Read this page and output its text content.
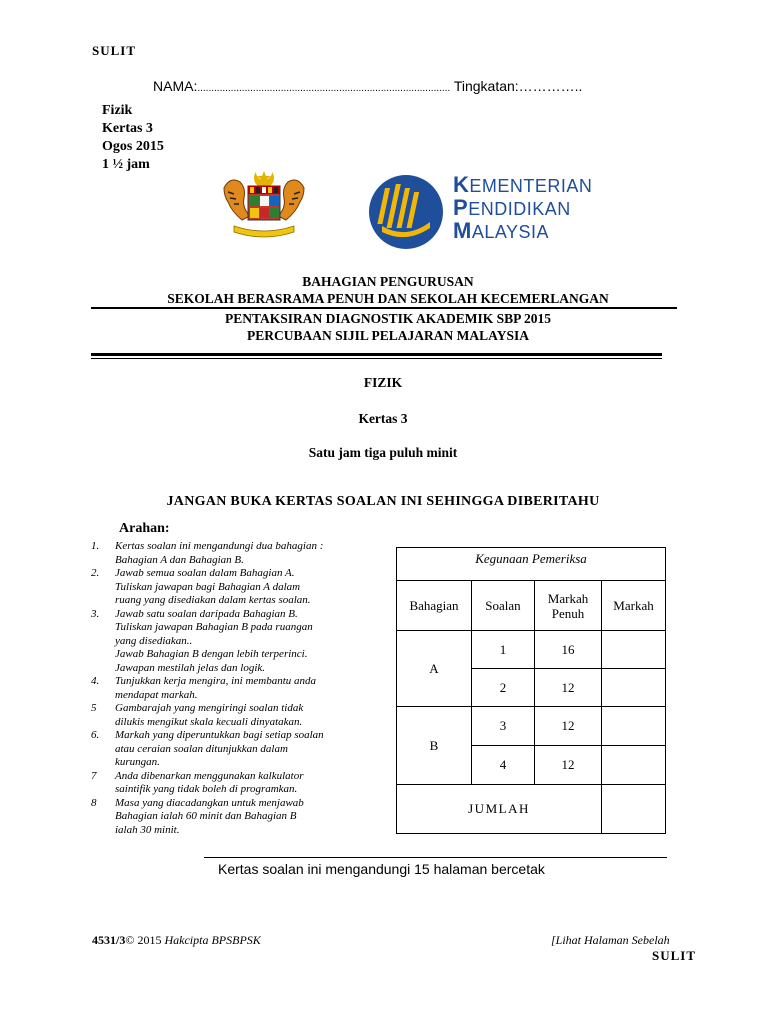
SULIT
NAMA:........................................................................................... Tingkatan:…………..
Fizik
Kertas 3
Ogos 2015
1 ½ jam
KEMENTERIAN
PENDIDIKAN
MALAYSIA
BAHAGIAN PENGURUSAN
SEKOLAH BERASRAMA PENUH DAN SEKOLAH KECEMERLANGAN
PENTAKSIRAN DIAGNOSTIK AKADEMIK SBP 2015
PERCUBAAN SIJIL PELAJARAN MALAYSIA
FIZIK
Kertas 3
Satu jam tiga puluh minit
JANGAN BUKA KERTAS SOALAN INI SEHINGGA DIBERITAHU
Arahan:
1.	Kertas soalan ini mengandungi dua bahagian :
Bahagian A dan Bahagian B.
2.	Jawab semua soalan dalam Bahagian A.
Tuliskan jawapan bagi Bahagian A dalam
ruang yang disediakan dalam kertas soalan.
3.	Jawab satu soalan daripada Bahagian B.
Tuliskan jawapan Bahagian B pada ruangan
yang disediakan..
Jawab Bahagian B dengan lebih terperinci.
Jawapan mestilah jelas dan logik.
4.	Tunjukkan kerja mengira, ini membantu anda
mendapat markah.
5	Gambarajah yang mengiringi soalan tidak
dilukis mengikut skala kecuali dinyatakan.
6.	Markah yang diperuntukkan bagi setiap soalan
atau ceraian soalan ditunjukkan dalam
kurungan.
7	Anda dibenarkan menggunakan kalkulator
saintifik yang tidak boleh di programkan.
8	Masa yang diacadangkan untuk menjawab
Bahagian ialah 60 minit dan Bahagian B
ialah 30 minit.
Kegunaan Pemeriksa			
Bahagian	Soalan	Markah Penuh	Markah
A	1	16	
	2	12	
B	3	12	
	4	12	
JUMLAH			
Kertas soalan ini mengandungi 15 halaman bercetak
4531/3© 2015 Hakcipta BPSBPSK	[Lihat Halaman Sebelah
SULIT
